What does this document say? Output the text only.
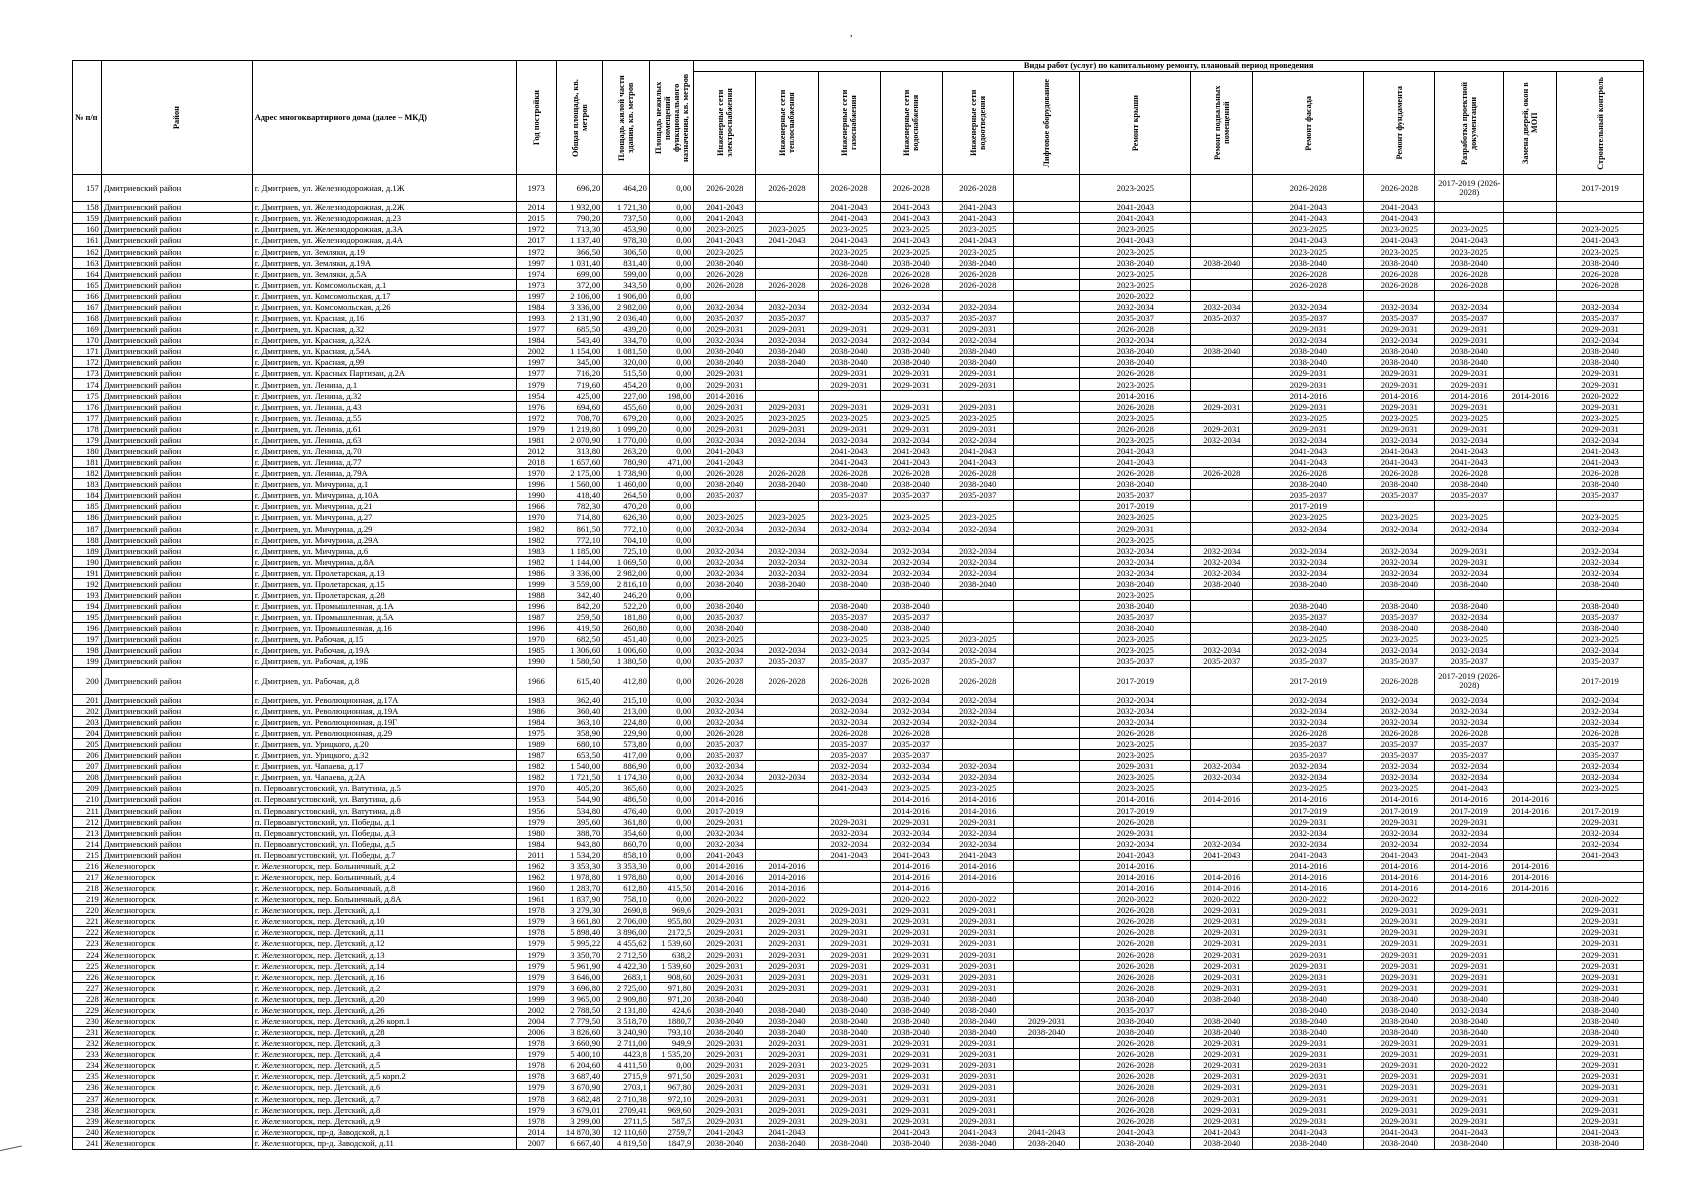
,
№ п/п	Район	Адрес многоквартирного дома (далее – МКД)	Год постройки	Общая площадь, кв. метров	Площадь жилой части здания, кв. метров	Площадь нежилых помещений функционального назначения, кв. метров	Виды работ (услуг) по капитальному ремонту, плановый период проведения												

							Инженерные сети электроснабжения	Инженерные сети теплоснабжения	Инженерные сети газоснабжения	Инженерные сети водоснабжения	Инженерные сети водоотведения	Лифтовое оборудование	Ремонт крыши	Ремонт подвальных помещений	Ремонт фасада	Ремонт фундамента	Разработка проектной документации	Замена дверей, окон в МОП	Строительный контроль

157	Дмитриевский район	г. Дмитриев, ул. Железнодорожная, д.1Ж	1973	696,20	464,20	0,00	2026-2028	2026-2028	2026-2028	2026-2028	2026-2028		2023-2025		2026-2028	2026-2028	2017-2019 (2026-2028)		2017-2019
158	Дмитриевский район	г. Дмитриев, ул. Железнодорожная, д.2Ж	2014	1 932,00	1 721,30	0,00	2041-2043		2041-2043	2041-2043	2041-2043		2041-2043		2041-2043	2041-2043			
159	Дмитриевский район	г. Дмитриев, ул. Железнодорожная, д.23	2015	790,20	737,50	0,00	2041-2043		2041-2043	2041-2043	2041-2043		2041-2043		2041-2043	2041-2043			
160	Дмитриевский район	г. Дмитриев, ул. Железнодорожная, д.3А	1972	713,30	453,90	0,00	2023-2025	2023-2025	2023-2025	2023-2025	2023-2025		2023-2025		2023-2025	2023-2025	2023-2025		2023-2025
161	Дмитриевский район	г. Дмитриев, ул. Железнодорожная, д.4А	2017	1 137,40	978,30	0,00	2041-2043	2041-2043	2041-2043	2041-2043	2041-2043		2041-2043		2041-2043	2041-2043	2041-2043		2041-2043
162	Дмитриевский район	г. Дмитриев, ул. Земляки, д.19	1972	366,50	306,50	0,00	2023-2025		2023-2025	2023-2025	2023-2025		2023-2025		2023-2025	2023-2025	2023-2025		2023-2025
163	Дмитриевский район	г. Дмитриев, ул. Земляки, д.19А	1997	1 031,40	831,40	0,00	2038-2040		2038-2040	2038-2040	2038-2040		2038-2040	2038-2040	2038-2040	2038-2040	2038-2040		2038-2040
164	Дмитриевский район	г. Дмитриев, ул. Земляки, д.5А	1974	699,00	599,00	0,00	2026-2028		2026-2028	2026-2028	2026-2028		2023-2025		2026-2028	2026-2028	2026-2028		2026-2028
165	Дмитриевский район	г. Дмитриев, ул. Комсомольская, д.1	1973	372,00	343,50	0,00	2026-2028	2026-2028	2026-2028	2026-2028	2026-2028		2023-2025		2026-2028	2026-2028	2026-2028		2026-2028
166	Дмитриевский район	г. Дмитриев, ул. Комсомольская, д.17	1997	2 106,00	1 906,00	0,00							2020-2022						
167	Дмитриевский район	г. Дмитриев, ул. Комсомольская, д.26	1984	3 336,00	2 982,00	0,00	2032-2034	2032-2034	2032-2034	2032-2034	2032-2034		2032-2034	2032-2034	2032-2034	2032-2034	2032-2034		2032-2034
168	Дмитриевский район	г. Дмитриев, ул. Красная, д.16	1993	2 131,90	2 036,40	0,00	2035-2037	2035-2037		2035-2037	2035-2037		2035-2037	2035-2037	2035-2037	2035-2037	2035-2037		2035-2037
169	Дмитриевский район	г. Дмитриев, ул. Красная, д.32	1977	685,50	439,20	0,00	2029-2031	2029-2031	2029-2031	2029-2031	2029-2031		2026-2028		2029-2031	2029-2031	2029-2031		2029-2031
170	Дмитриевский район	г. Дмитриев, ул. Красная, д.32А	1984	543,40	334,70	0,00	2032-2034	2032-2034	2032-2034	2032-2034	2032-2034		2032-2034		2032-2034	2032-2034	2029-2031		2032-2034
171	Дмитриевский район	г. Дмитриев, ул. Красная, д.54А	2002	1 154,00	1 081,50	0,00	2038-2040	2038-2040	2038-2040	2038-2040	2038-2040		2038-2040	2038-2040	2038-2040	2038-2040	2038-2040		2038-2040
172	Дмитриевский район	г. Дмитриев, ул. Красная, д.99	1997	345,00	320,00	0,00	2038-2040	2038-2040	2038-2040	2038-2040	2038-2040		2038-2040		2038-2040	2038-2040	2038-2040		2038-2040
173	Дмитриевский район	г. Дмитриев, ул. Красных Партизан, д.2А	1977	716,20	515,50	0,00	2029-2031		2029-2031	2029-2031	2029-2031		2026-2028		2029-2031	2029-2031	2029-2031		2029-2031
174	Дмитриевский район	г. Дмитриев, ул. Ленина, д.1	1979	719,60	454,20	0,00	2029-2031		2029-2031	2029-2031	2029-2031		2023-2025		2029-2031	2029-2031	2029-2031		2029-2031
175	Дмитриевский район	г. Дмитриев, ул. Ленина, д.32	1954	425,00	227,00	198,00	2014-2016						2014-2016		2014-2016	2014-2016	2014-2016	2014-2016	2020-2022
176	Дмитриевский район	г. Дмитриев, ул. Ленина, д.43	1976	694,60	455,60	0,00	2029-2031	2029-2031	2029-2031	2029-2031	2029-2031		2026-2028	2029-2031	2029-2031	2029-2031	2029-2031		2029-2031
177	Дмитриевский район	г. Дмитриев, ул. Ленина, д.55	1972	708,70	679,20	0,00	2023-2025	2023-2025	2023-2025	2023-2025	2023-2025		2023-2025		2023-2025	2023-2025	2023-2025		2023-2025
178	Дмитриевский район	г. Дмитриев, ул. Ленина, д.61	1979	1 219,80	1 099,20	0,00	2029-2031	2029-2031	2029-2031	2029-2031	2029-2031		2026-2028	2029-2031	2029-2031	2029-2031	2029-2031		2029-2031
179	Дмитриевский район	г. Дмитриев, ул. Ленина, д.63	1981	2 070,90	1 770,00	0,00	2032-2034	2032-2034	2032-2034	2032-2034	2032-2034		2023-2025	2032-2034	2032-2034	2032-2034	2032-2034		2032-2034
180	Дмитриевский район	г. Дмитриев, ул. Ленина, д.70	2012	313,80	263,20	0,00	2041-2043		2041-2043	2041-2043	2041-2043		2041-2043		2041-2043	2041-2043	2041-2043		2041-2043
181	Дмитриевский район	г. Дмитриев, ул. Ленина, д.77	2018	1 657,60	780,90	471,00	2041-2043		2041-2043	2041-2043	2041-2043		2041-2043		2041-2043	2041-2043	2041-2043		2041-2043
182	Дмитриевский район	г. Дмитриев, ул. Ленина, д.79А	1970	2 175,00	1 738,90	0,00	2026-2028	2026-2028	2026-2028	2026-2028	2026-2028		2026-2028	2026-2028	2026-2028	2026-2028	2026-2028		2026-2028
183	Дмитриевский район	г. Дмитриев, ул. Мичурина, д.1	1996	1 560,00	1 460,00	0,00	2038-2040	2038-2040	2038-2040	2038-2040	2038-2040		2038-2040		2038-2040	2038-2040	2038-2040		2038-2040
184	Дмитриевский район	г. Дмитриев, ул. Мичурина, д.10А	1990	418,40	264,50	0,00	2035-2037		2035-2037	2035-2037	2035-2037		2035-2037		2035-2037	2035-2037	2035-2037		2035-2037
185	Дмитриевский район	г. Дмитриев, ул. Мичурина, д.21	1966	782,30	470,20	0,00							2017-2019		2017-2019				
186	Дмитриевский район	г. Дмитриев, ул. Мичурина, д.27	1970	714,80	626,30	0,00	2023-2025	2023-2025	2023-2025	2023-2025	2023-2025		2023-2025		2023-2025	2023-2025	2023-2025		2023-2025
187	Дмитриевский район	г. Дмитриев, ул. Мичурина, д.29	1982	861,50	772,10	0,00	2032-2034	2032-2034	2032-2034	2032-2034	2032-2034		2029-2031		2032-2034	2032-2034	2032-2034		2032-2034
188	Дмитриевский район	г. Дмитриев, ул. Мичурина, д.29А	1982	772,10	704,10	0,00							2023-2025						
189	Дмитриевский район	г. Дмитриев, ул. Мичурина, д.6	1983	1 185,00	725,10	0,00	2032-2034	2032-2034	2032-2034	2032-2034	2032-2034		2032-2034	2032-2034	2032-2034	2032-2034	2029-2031		2032-2034
190	Дмитриевский район	г. Дмитриев, ул. Мичурина, д.8А	1982	1 144,00	1 069,50	0,00	2032-2034	2032-2034	2032-2034	2032-2034	2032-2034		2032-2034	2032-2034	2032-2034	2032-2034	2029-2031		2032-2034
191	Дмитриевский район	г. Дмитриев, ул. Пролетарская, д.13	1986	3 336,00	2 982,00	0,00	2032-2034	2032-2034	2032-2034	2032-2034	2032-2034		2032-2034	2032-2034	2032-2034	2032-2034	2032-2034		2032-2034
192	Дмитриевский район	г. Дмитриев, ул. Пролетарская, д.15	1999	3 559,00	2 816,10	0,00	2038-2040	2038-2040	2038-2040	2038-2040	2038-2040		2038-2040	2038-2040	2038-2040	2038-2040	2038-2040		2038-2040
193	Дмитриевский район	г. Дмитриев, ул. Пролетарская, д.28	1988	342,40	246,20	0,00							2023-2025						
194	Дмитриевский район	г. Дмитриев, ул. Промышленная, д.1А	1996	842,20	522,20	0,00	2038-2040		2038-2040	2038-2040			2038-2040		2038-2040	2038-2040	2038-2040		2038-2040
195	Дмитриевский район	г. Дмитриев, ул. Промышленная, д.5А	1987	259,50	181,80	0,00	2035-2037		2035-2037	2035-2037			2035-2037		2035-2037	2035-2037	2032-2034		2035-2037
196	Дмитриевский район	г. Дмитриев, ул. Промышленная, д.16	1996	419,50	260,80	0,00	2038-2040		2038-2040	2038-2040			2038-2040		2038-2040	2038-2040	2038-2040		2038-2040
197	Дмитриевский район	г. Дмитриев, ул. Рабочая, д.15	1970	682,50	451,40	0,00	2023-2025		2023-2025	2023-2025	2023-2025		2023-2025		2023-2025	2023-2025	2023-2025		2023-2025
198	Дмитриевский район	г. Дмитриев, ул. Рабочая, д.19А	1985	1 306,60	1 006,60	0,00	2032-2034	2032-2034	2032-2034	2032-2034	2032-2034		2023-2025	2032-2034	2032-2034	2032-2034	2032-2034		2032-2034
199	Дмитриевский район	г. Дмитриев, ул. Рабочая, д.19Б	1990	1 580,50	1 380,50	0,00	2035-2037	2035-2037	2035-2037	2035-2037	2035-2037		2035-2037	2035-2037	2035-2037	2035-2037	2035-2037		2035-2037
200	Дмитриевский район	г. Дмитриев, ул. Рабочая, д.8	1966	615,40	412,80	0,00	2026-2028	2026-2028	2026-2028	2026-2028	2026-2028		2017-2019		2017-2019	2026-2028	2017-2019 (2026-2028)		2017-2019
201	Дмитриевский район	г. Дмитриев, ул. Революционная, д.17А	1983	362,40	215,10	0,00	2032-2034		2032-2034	2032-2034	2032-2034		2032-2034		2032-2034	2032-2034	2032-2034		2032-2034
202	Дмитриевский район	г. Дмитриев, ул. Революционная, д.19А	1986	360,40	213,00	0,00	2032-2034		2032-2034	2032-2034	2032-2034		2032-2034		2032-2034	2032-2034	2032-2034		2032-2034
203	Дмитриевский район	г. Дмитриев, ул. Революционная, д.19Г	1984	363,10	224,80	0,00	2032-2034		2032-2034	2032-2034	2032-2034		2032-2034		2032-2034	2032-2034	2032-2034		2032-2034
204	Дмитриевский район	г. Дмитриев, ул. Революционная, д.29	1975	358,90	229,90	0,00	2026-2028		2026-2028	2026-2028			2026-2028		2026-2028	2026-2028	2026-2028		2026-2028
205	Дмитриевский район	г. Дмитриев, ул. Урицкого, д.20	1989	680,10	573,80	0,00	2035-2037		2035-2037	2035-2037			2023-2025		2035-2037	2035-2037	2035-2037		2035-2037
206	Дмитриевский район	г. Дмитриев, ул. Урицкого, д.32	1987	653,50	417,00	0,00	2035-2037		2035-2037	2035-2037			2023-2025		2035-2037	2035-2037	2035-2037		2035-2037
207	Дмитриевский район	г. Дмитриев, ул. Чапаева, д.17	1982	1 540,00	886,90	0,00	2032-2034		2032-2034	2032-2034	2032-2034		2029-2031	2032-2034	2032-2034	2032-2034	2032-2034		2032-2034
208	Дмитриевский район	г. Дмитриев, ул. Чапаева, д.2А	1982	1 721,50	1 174,30	0,00	2032-2034	2032-2034	2032-2034	2032-2034	2032-2034		2023-2025	2032-2034	2032-2034	2032-2034	2032-2034		2032-2034
209	Дмитриевский район	п. Первоавгустовский, ул. Ватутина, д.5	1970	405,20	365,60	0,00	2023-2025		2041-2043	2023-2025	2023-2025		2023-2025		2023-2025	2023-2025	2041-2043		2023-2025
210	Дмитриевский район	п. Первоавгустовский, ул. Ватутина, д.6	1953	544,90	486,50	0,00	2014-2016			2014-2016	2014-2016		2014-2016	2014-2016	2014-2016	2014-2016	2014-2016	2014-2016	
211	Дмитриевский район	п. Первоавгустовский, ул. Ватутина, д.8	1956	534,80	476,40	0,00	2017-2019			2014-2016	2014-2016		2017-2019		2017-2019	2017-2019	2017-2019	2014-2016	2017-2019
212	Дмитриевский район	п. Первоавгустовский, ул. Победы, д.1	1979	395,60	361,80	0,00	2029-2031		2029-2031	2029-2031	2029-2031		2026-2028		2029-2031	2029-2031	2029-2031		2029-2031
213	Дмитриевский район	п. Первоавгустовский, ул. Победы, д.3	1980	388,70	354,60	0,00	2032-2034		2032-2034	2032-2034	2032-2034		2029-2031		2032-2034	2032-2034	2032-2034		2032-2034
214	Дмитриевский район	п. Первоавгустовский, ул. Победы, д.5	1984	943,80	860,70	0,00	2032-2034		2032-2034	2032-2034	2032-2034		2032-2034	2032-2034	2032-2034	2032-2034	2032-2034		2032-2034
215	Дмитриевский район	п. Первоавгустовский, ул. Победы, д.7	2011	1 534,20	858,10	0,00	2041-2043		2041-2043	2041-2043	2041-2043		2041-2043	2041-2043	2041-2043	2041-2043	2041-2043		2041-2043
216	Железногорск	г. Железногорск, пер. Больничный, д.2	1962	3 353,30	3 353,30	0,00	2014-2016	2014-2016		2014-2016	2014-2016		2014-2016		2014-2016	2014-2016	2014-2016	2014-2016	
217	Железногорск	г. Железногорск, пер. Больничный, д.4	1962	1 978,80	1 978,80	0,00	2014-2016	2014-2016		2014-2016	2014-2016		2014-2016	2014-2016	2014-2016	2014-2016	2014-2016	2014-2016	
218	Железногорск	г. Железногорск, пер. Больничный, д.8	1960	1 283,70	612,80	415,50	2014-2016	2014-2016		2014-2016			2014-2016	2014-2016	2014-2016	2014-2016	2014-2016	2014-2016	
219	Железногорск	г. Железногорск, пер. Больничный, д.8А	1961	1 837,90	758,10	0,00	2020-2022	2020-2022		2020-2022	2020-2022		2020-2022	2020-2022	2020-2022	2020-2022			2020-2022
220	Железногорск	г. Железногорск, пер. Детский, д.1	1978	3 279,30	2690,8	969,6	2029-2031	2029-2031	2029-2031	2029-2031	2029-2031		2026-2028	2029-2031	2029-2031	2029-2031	2029-2031		2029-2031
221	Железногорск	г. Железногорск, пер. Детский, д.10	1979	3 661,80	2 706,00	955,80	2029-2031	2029-2031	2029-2031	2029-2031	2029-2031		2026-2028	2029-2031	2029-2031	2029-2031	2029-2031		2029-2031
222	Железногорск	г. Железногорск, пер. Детский, д.11	1978	5 898,40	3 896,00	2172,5	2029-2031	2029-2031	2029-2031	2029-2031	2029-2031		2026-2028	2029-2031	2029-2031	2029-2031	2029-2031		2029-2031
223	Железногорск	г. Железногорск, пер. Детский, д.12	1979	5 995,22	4 455,62	1 539,60	2029-2031	2029-2031	2029-2031	2029-2031	2029-2031		2026-2028	2029-2031	2029-2031	2029-2031	2029-2031		2029-2031
224	Железногорск	г. Железногорск, пер. Детский, д.13	1979	3 350,70	2 712,50	638,2	2029-2031	2029-2031	2029-2031	2029-2031	2029-2031		2026-2028	2029-2031	2029-2031	2029-2031	2029-2031		2029-2031
225	Железногорск	г. Железногорск, пер. Детский, д.14	1979	5 961,90	4 422,30	1 539,60	2029-2031	2029-2031	2029-2031	2029-2031	2029-2031		2026-2028	2029-2031	2029-2031	2029-2031	2029-2031		2029-2031
226	Железногорск	г. Железногорск, пер. Детский, д.16	1979	3 646,00	2683,1	908,60	2029-2031	2029-2031	2029-2031	2029-2031	2029-2031		2026-2028	2029-2031	2029-2031	2029-2031	2029-2031		2029-2031
227	Железногорск	г. Железногорск, пер. Детский, д.2	1979	3 696,80	2 725,00	971,80	2029-2031	2029-2031	2029-2031	2029-2031	2029-2031		2026-2028	2029-2031	2029-2031	2029-2031	2029-2031		2029-2031
228	Железногорск	г. Железногорск, пер. Детский, д.20	1999	3 965,00	2 909,80	971,20	2038-2040		2038-2040	2038-2040	2038-2040		2038-2040	2038-2040	2038-2040	2038-2040	2038-2040		2038-2040
229	Железногорск	г. Железногорск, пер. Детский, д.26	2002	2 788,50	2 131,80	424,6	2038-2040	2038-2040	2038-2040	2038-2040	2038-2040		2035-2037		2038-2040	2038-2040	2032-2034		2038-2040
230	Железногорск	г. Железногорск, пер. Детский, д.26 корп.1	2004	7 779,50	3 518,70	1880,7	2038-2040	2038-2040	2038-2040	2038-2040	2038-2040	2029-2031	2038-2040	2038-2040	2038-2040	2038-2040	2038-2040		2038-2040
231	Железногорск	г. Железногорск, пер. Детский, д.28	2006	3 826,60	3 240,90	793,10	2038-2040	2038-2040	2038-2040	2038-2040	2038-2040	2038-2040	2038-2040	2038-2040	2038-2040	2038-2040	2038-2040		2038-2040
232	Железногорск	г. Железногорск, пер. Детский, д.3	1978	3 660,90	2 711,00	949,9	2029-2031	2029-2031	2029-2031	2029-2031	2029-2031		2026-2028	2029-2031	2029-2031	2029-2031	2029-2031		2029-2031
233	Железногорск	г. Железногорск, пер. Детский, д.4	1979	5 400,10	4423,8	1 535,20	2029-2031	2029-2031	2029-2031	2029-2031	2029-2031		2026-2028	2029-2031	2029-2031	2029-2031	2029-2031		2029-2031
234	Железногорск	г. Железногорск, пер. Детский, д.5	1978	6 204,60	4 411,50	0,00	2029-2031	2029-2031	2023-2025	2029-2031	2029-2031		2026-2028	2029-2031	2029-2031	2029-2031	2020-2022		2029-2031
235	Железногорск	г. Железногорск, пер. Детский, д.5 корп.2	1978	3 687,40	2715,9	971,50	2029-2031	2029-2031	2029-2031	2029-2031	2029-2031		2026-2028	2029-2031	2029-2031	2029-2031	2029-2031		2029-2031
236	Железногорск	г. Железногорск, пер. Детский, д.6	1979	3 670,90	2703,1	967,80	2029-2031	2029-2031	2029-2031	2029-2031	2029-2031		2026-2028	2029-2031	2029-2031	2029-2031	2029-2031		2029-2031
237	Железногорск	г. Железногорск, пер. Детский, д.7	1978	3 682,48	2 710,38	972,10	2029-2031	2029-2031	2029-2031	2029-2031	2029-2031		2026-2028	2029-2031	2029-2031	2029-2031	2029-2031		2029-2031
238	Железногорск	г. Железногорск, пер. Детский, д.8	1979	3 679,01	2709,41	969,60	2029-2031	2029-2031	2029-2031	2029-2031	2029-2031		2026-2028	2029-2031	2029-2031	2029-2031	2029-2031		2029-2031
239	Железногорск	г. Железногорск, пер. Детский, д.9	1978	3 299,00	2711,5	587,5	2029-2031	2029-2031	2029-2031	2029-2031	2029-2031		2026-2028	2029-2031	2029-2031	2029-2031	2029-2031		2029-2031
240	Железногорск	г. Железногорск, пр-д. Заводской, д.1	2014	14 870,30	12 110,60	2759,7	2041-2043	2041-2043		2041-2043	2041-2043	2041-2043	2041-2043	2041-2043	2041-2043	2041-2043	2041-2043		2041-2043
241	Железногорск	г. Железногорск, пр-д. Заводской, д.11	2007	6 667,40	4 819,50	1847,9	2038-2040	2038-2040	2038-2040	2038-2040	2038-2040	2038-2040	2038-2040	2038-2040	2038-2040	2038-2040	2038-2040		2038-2040
